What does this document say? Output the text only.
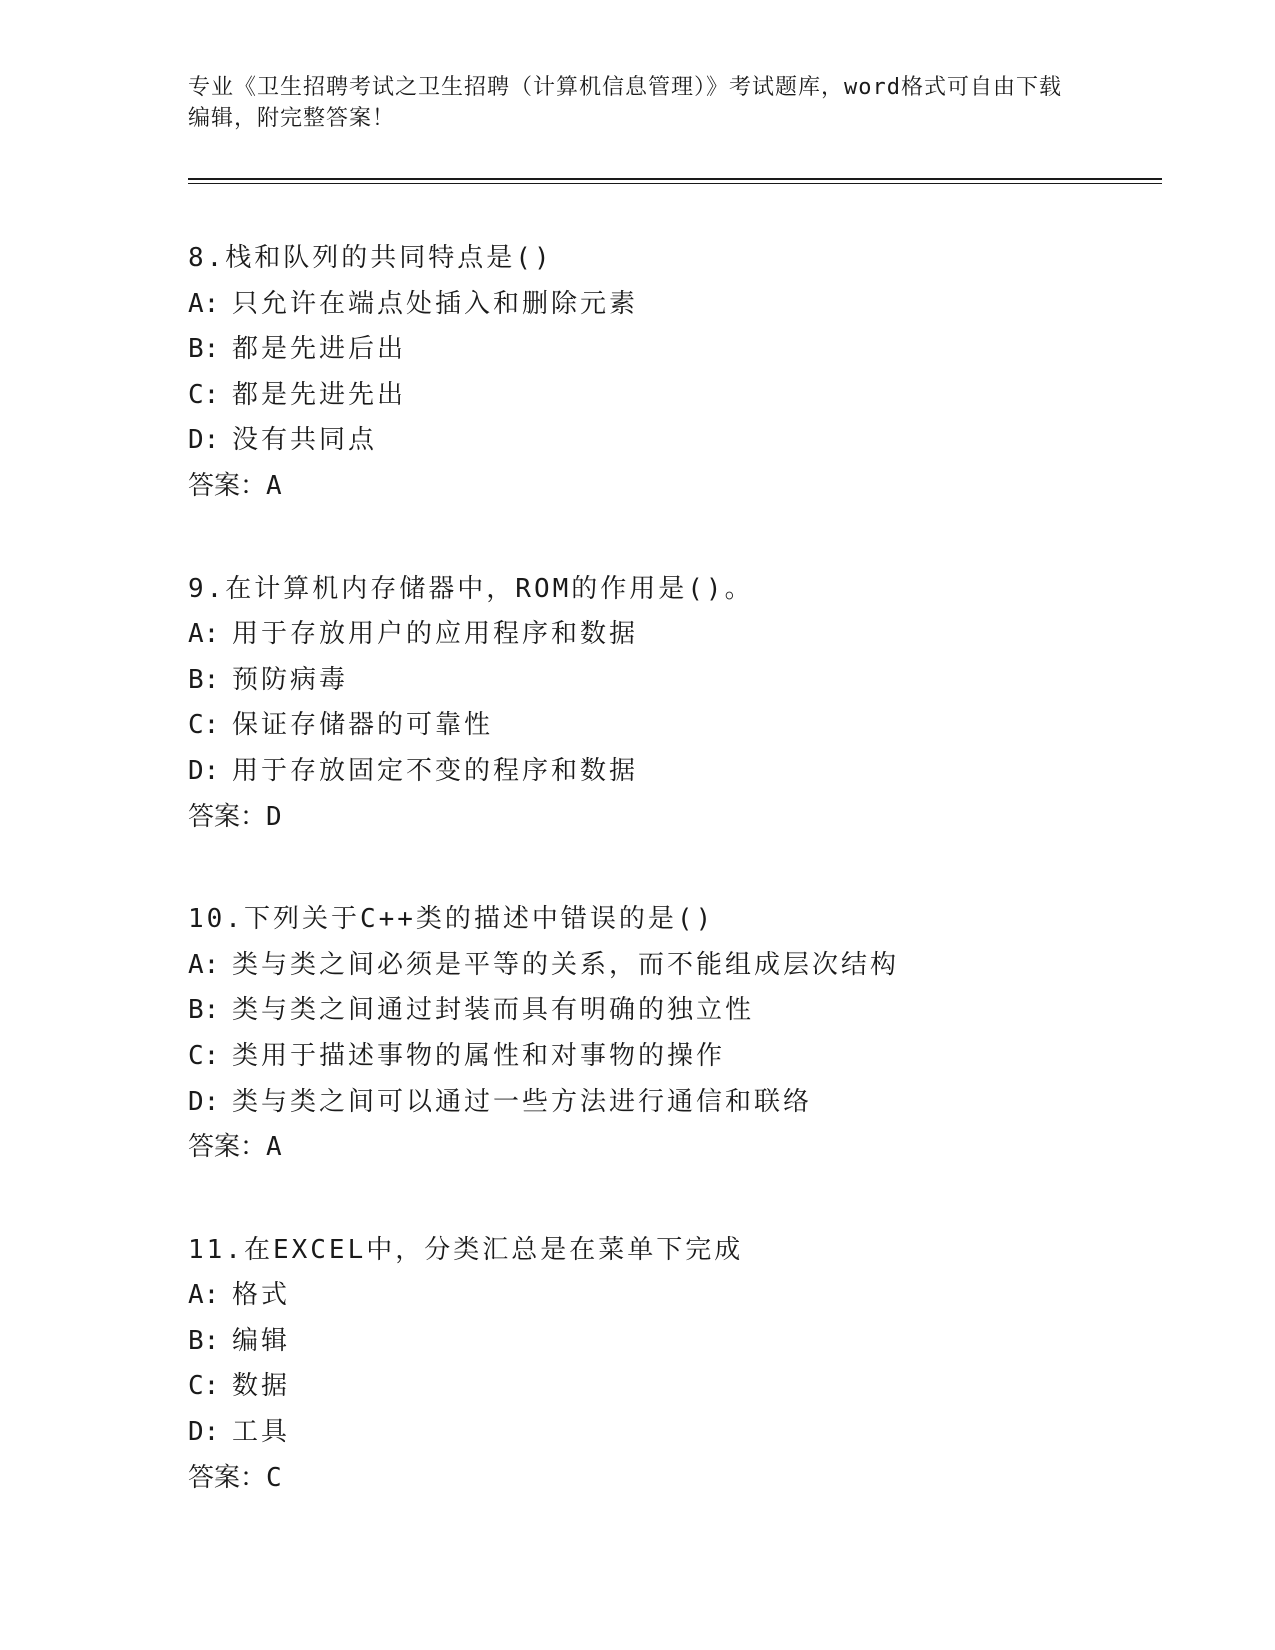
专业《卫生招聘考试之卫生招聘（计算机信息管理）》考试题库，word格式可自由下载编辑，附完整答案！
8.栈和队列的共同特点是()
A: 只允许在端点处插入和删除元素
B: 都是先进后出
C: 都是先进先出
D: 没有共同点
答案：A
9.在计算机内存储器中，ROM的作用是()。
A: 用于存放用户的应用程序和数据
B: 预防病毒
C: 保证存储器的可靠性
D: 用于存放固定不变的程序和数据
答案：D
10.下列关于C++类的描述中错误的是()
A: 类与类之间必须是平等的关系，而不能组成层次结构
B: 类与类之间通过封装而具有明确的独立性
C: 类用于描述事物的属性和对事物的操作
D: 类与类之间可以通过一些方法进行通信和联络
答案：A
11.在EXCEL中，分类汇总是在菜单下完成
A: 格式
B: 编辑
C: 数据
D: 工具
答案：C
